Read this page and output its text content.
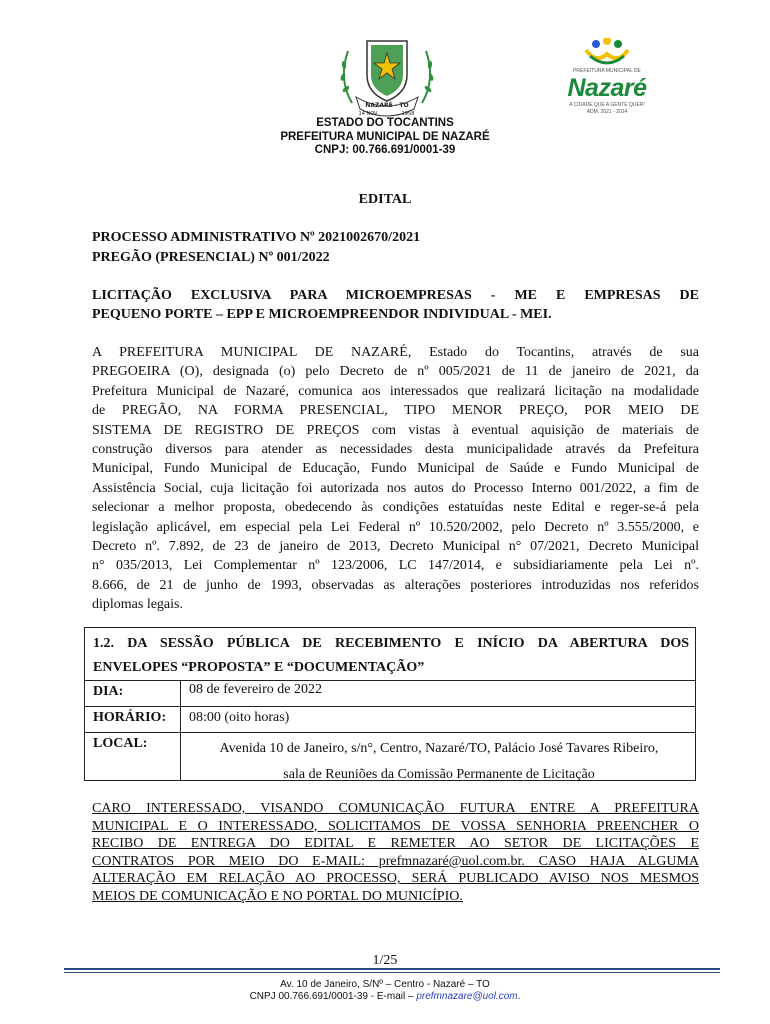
NAZARÉ - TO
14 NOV	1958
PREFEITURA MUNICIPAL DE
Nazaré
A CIDADE QUE A GENTE QUER!
ADM. 2021 - 2024
ESTADO DO TOCANTINS
PREFEITURA MUNICIPAL DE NAZARÉ
CNPJ: 00.766.691/0001-39
EDITAL
PROCESSO ADMINISTRATIVO Nº 2021002670/2021
PREGÃO (PRESENCIAL) Nº 001/2022

LICITAÇÃO EXCLUSIVA PARA MICROEMPRESAS - ME E EMPRESAS DE

PEQUENO PORTE – EPP E MICROEMPREENDOR INDIVIDUAL - MEI.

A PREFEITURA MUNICIPAL DE NAZARÉ, Estado do Tocantins, através de sua

PREGOEIRA (O), designada (o) pelo Decreto de nº 005/2021 de 11 de janeiro de 2021, da

Prefeitura Municipal de Nazaré, comunica aos interessados que realizará licitação na modalidade

de PREGÃO, NA FORMA PRESENCIAL, TIPO MENOR PREÇO, POR MEIO DE

SISTEMA DE REGISTRO DE PREÇOS com vistas à eventual aquisição de materiais de

construção diversos para atender as necessidades desta municipalidade através da Prefeitura

Municipal, Fundo Municipal de Educação, Fundo Municipal de Saúde e Fundo Municipal de

Assistência Social, cuja licitação foi autorizada nos autos do Processo Interno 001/2022, a fim de

selecionar a melhor proposta, obedecendo às condições estatuídas neste Edital e reger-se-á pela

legislação aplicável, em especial pela Lei Federal nº 10.520/2002, pelo Decreto nº 3.555/2000, e

Decreto nº. 7.892, de 23 de janeiro de 2013, Decreto Municipal n° 07/2021, Decreto Municipal

n° 035/2013, Lei Complementar nº 123/2006, LC 147/2014, e subsidiariamente pela Lei nº.

8.666, de 21 de junho de 1993, observadas as alterações posteriores introduzidas nos referidos

diplomas legais.

1.2. DA SESSÃO PÚBLICA DE RECEBIMENTO E INÍCIO DA ABERTURA DOS
ENVELOPES “PROPOSTA” E “DOCUMENTAÇÃO”
DIA:	08 de fevereiro de 2022
HORÁRIO: 08:00 (oito horas)
LOCAL:	Avenida 10 de Janeiro, s/n°, Centro, Nazaré/TO, Palácio José Tavares Ribeiro,
sala de Reuniões da Comissão Permanente de Licitação
CARO INTERESSADO, VISANDO COMUNICAÇÃO FUTURA ENTRE A PREFEITURA
MUNICIPAL E O INTERESSADO, SOLICITAMOS DE VOSSA SENHORIA PREENCHER O
RECIBO DE ENTREGA DO EDITAL E REMETER AO SETOR DE LICITAÇÕES E
CONTRATOS POR MEIO DO E-MAIL: prefmnazaré@uol.com.br. CASO HAJA ALGUMA
ALTERAÇÃO EM RELAÇÃO AO PROCESSO, SERÁ PUBLICADO AVISO NOS MESMOS
MEIOS DE COMUNICAÇÃO E NO PORTAL DO MUNICÍPIO.
1/25
Av. 10 de Janeiro, S/Nº – Centro - Nazaré – TO
CNPJ 00.766.691/0001-39 - E-mail – prefmnazare@uol.com.
